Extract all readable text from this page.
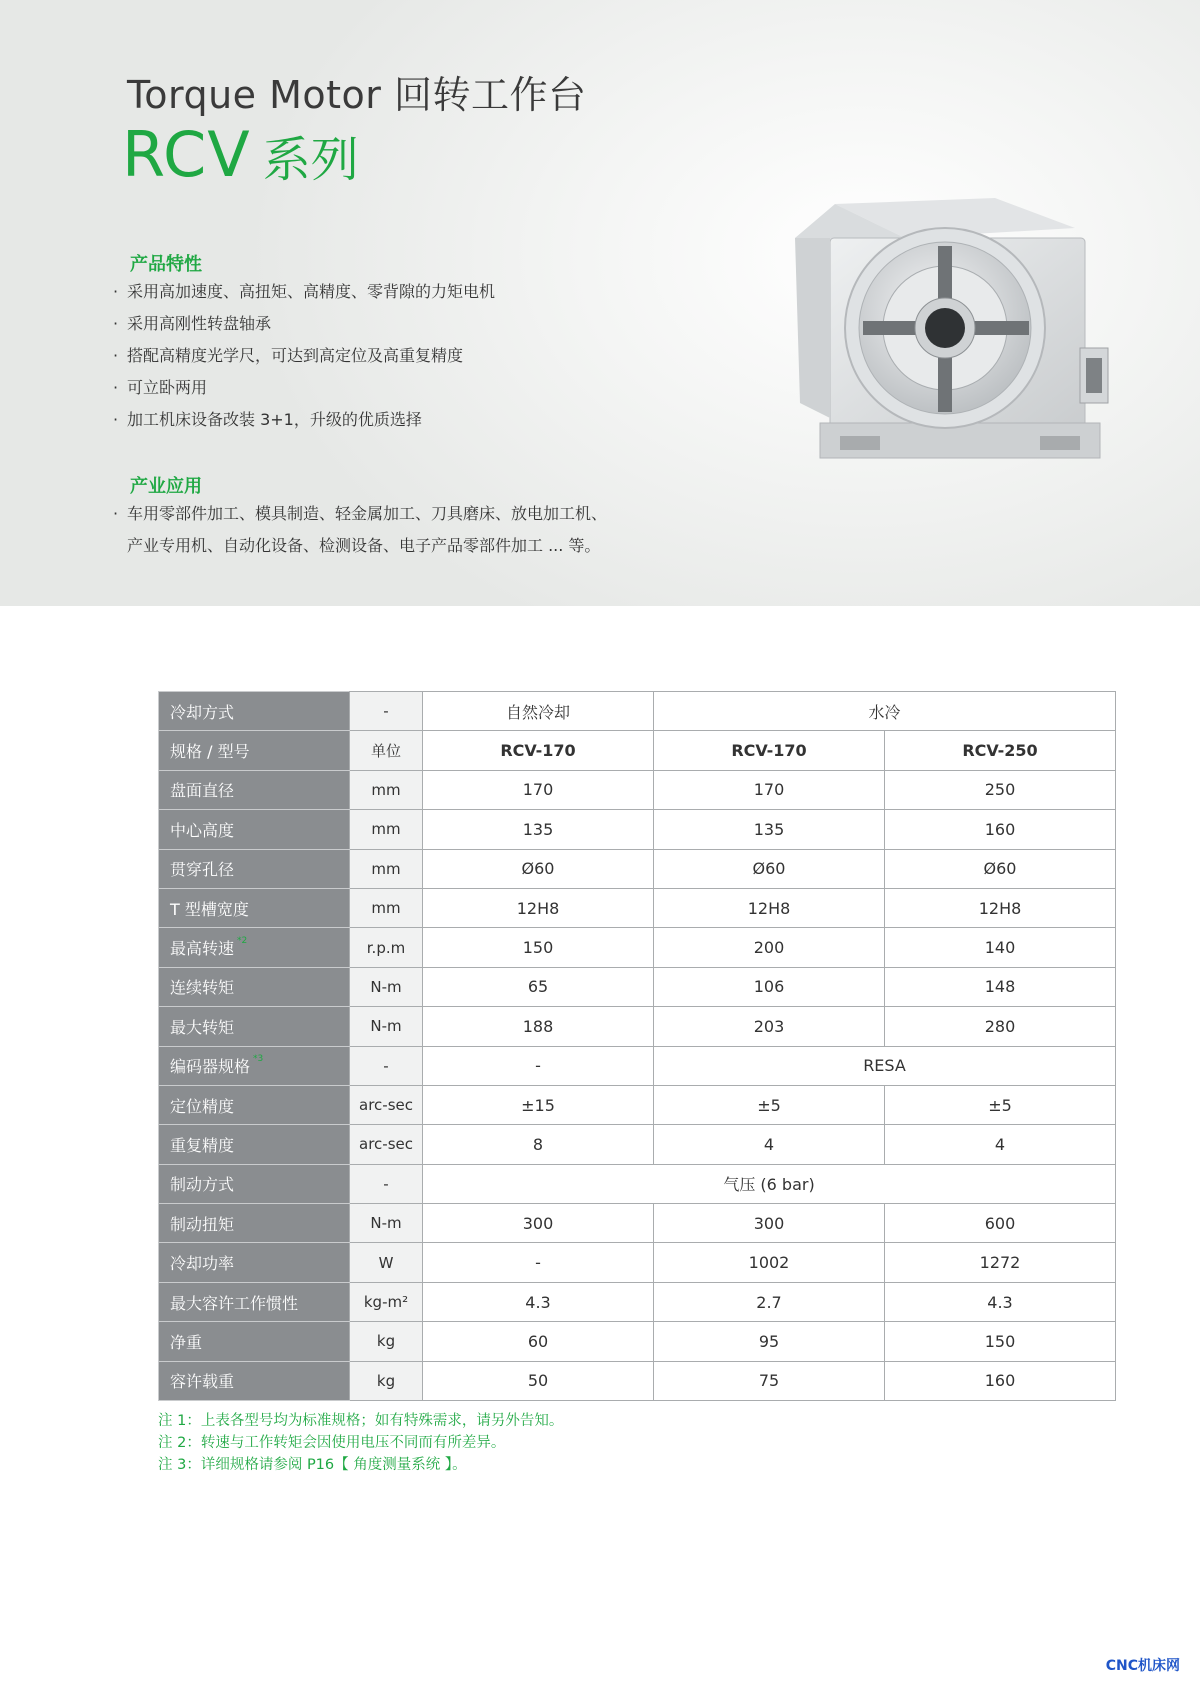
Torque Motor 回转工作台
RCV 系列
产品特性
· 采用高加速度、高扭矩、高精度、零背隙的力矩电机
· 采用高刚性转盘轴承
· 搭配高精度光学尺，可达到高定位及高重复精度
· 可立卧两用
· 加工机床设备改装 3+1，升级的优质选择
产业应用
· 车用零部件加工、模具制造、轻金属加工、刀具磨床、放电加工机、
产业专用机、自动化设备、检测设备、电子产品零部件加工 ... 等。
冷却方式	-	自然冷却	水冷	
规格 / 型号	单位	RCV-170	RCV-170	RCV-250
盘面直径	mm	170	170	250
中心高度	mm	135	135	160
贯穿孔径	mm	Ø60	Ø60	Ø60
T 型槽宽度	mm	12H8	12H8	12H8
最高转速 $^{*2}$	r.p.m	150	200	140
连续转矩	N-m	65	106	148
最大转矩	N-m	188	203	280
编码器规格 $^{*3}$	-	-	RESA	
定位精度	arc-sec	±15	±5	±5
重复精度	arc-sec	8	4	4
制动方式	-	气压 (6 bar)		
制动扭矩	N-m	300	300	600
冷却功率	W	-	1002	1272
最大容许工作惯性	kg-m²	4.3	2.7	4.3
净重	kg	60	95	150
容许载重	kg	50	75	160
注 1：上表各型号均为标准规格；如有特殊需求，请另外告知。
注 2：转速与工作转矩会因使用电压不同而有所差异。
注 3：详细规格请参阅 P16【 角度测量系统 】。
CNC机床网
